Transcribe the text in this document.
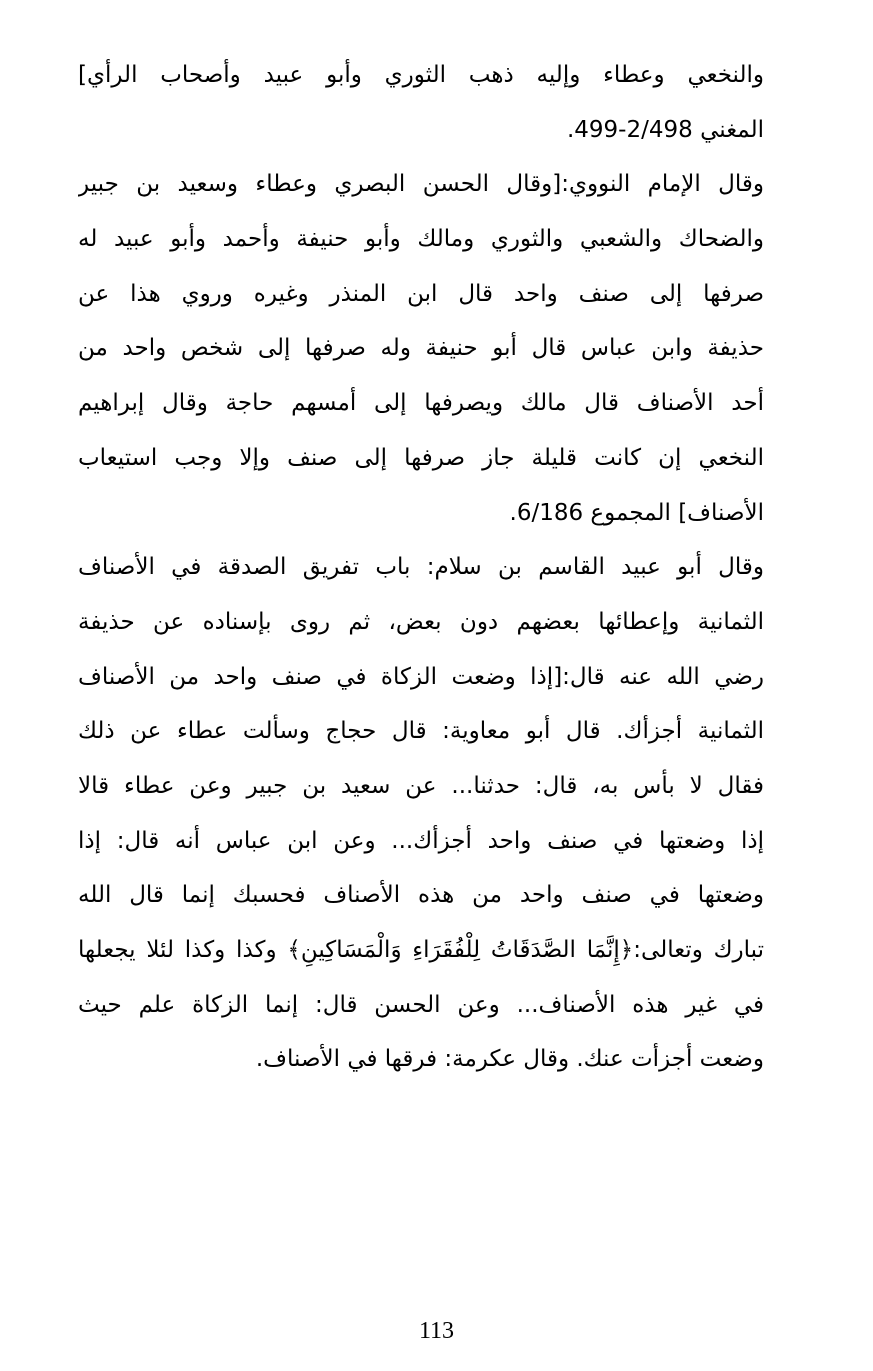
والنخعي وعطاء وإليه ذهب الثوري وأبو عبيد وأصحاب الرأي]
المغني 2/498-499.
وقال الإمام النووي:[وقال الحسن البصري وعطاء وسعيد بن جبير
والضحاك والشعبي والثوري ومالك وأبو حنيفة وأحمد وأبو عبيد له
صرفها إلى صنف واحد قال ابن المنذر وغيره وروي هذا عن
حذيفة وابن عباس قال أبو حنيفة وله صرفها إلى شخص واحد من
أحد الأصناف قال مالك ويصرفها إلى أمسهم حاجة وقال إبراهيم
النخعي إن كانت قليلة جاز صرفها إلى صنف وإلا وجب استيعاب
الأصناف] المجموع 6/186.
وقال أبو عبيد القاسم بن سلام: باب تفريق الصدقة في الأصناف
الثمانية وإعطائها بعضهم دون بعض، ثم روى بإسناده عن حذيفة
رضي الله عنه قال:[إذا وضعت الزكاة في صنف واحد من الأصناف
الثمانية أجزأك. قال أبو معاوية: قال حجاج وسألت عطاء عن ذلك
فقال لا بأس به، قال: حدثنا... عن سعيد بن جبير وعن عطاء قالا
إذا وضعتها في صنف واحد أجزأك... وعن ابن عباس أنه قال: إذا
وضعتها في صنف واحد من هذه الأصناف فحسبك إنما قال الله
تبارك وتعالى:﴿إِنَّمَا الصَّدَقَاتُ لِلْفُقَرَاءِ وَالْمَسَاكِينِ﴾ وكذا وكذا لئلا يجعلها
في غير هذه الأصناف... وعن الحسن قال: إنما الزكاة علم حيث
وضعت أجزأت عنك. وقال عكرمة: فرقها في الأصناف.
113
